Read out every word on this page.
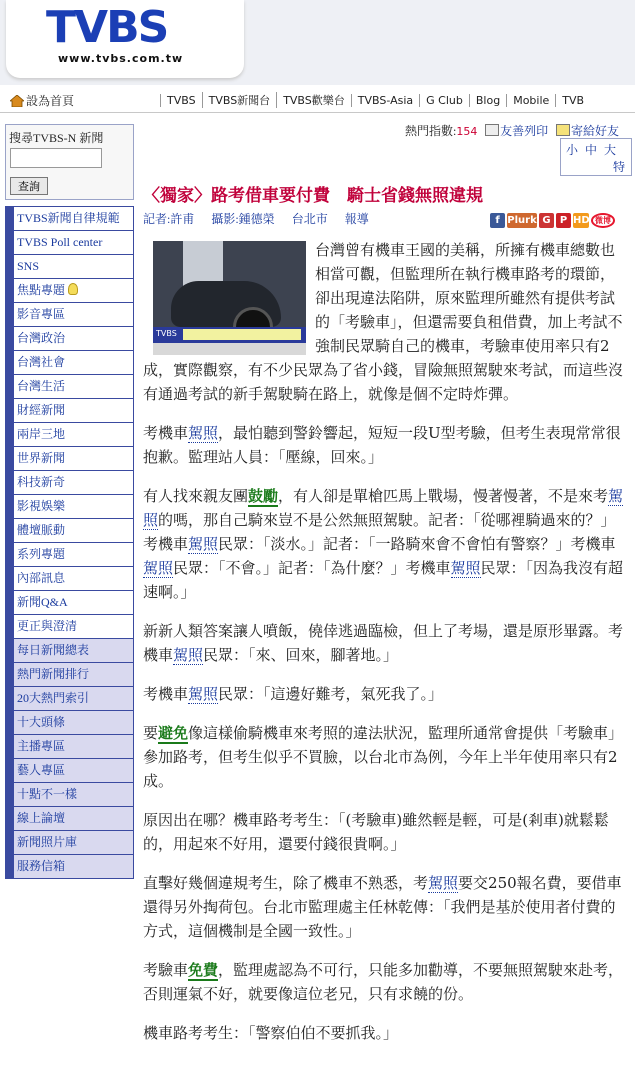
TVBS
www.tvbs.com.tw
設為首頁	TVBS TVBS新聞台 TVBS歡樂台 TVBS-Asia G Club Blog Mobile TVB
搜尋TVBS-N 新聞
查詢
TVBS新聞自律規範
TVBS Poll center
SNS
焦點專題
影音專區
台灣政治
台灣社會
台灣生活
財經新聞
兩岸三地
世界新聞
科技新奇
影視娛樂
體壇脈動
系列專題
內部訊息
新聞Q&A
更正與澄清
每日新聞總表
熱門新聞排行
20大熱門索引
十大頭條
主播專區
藝人專區
十點不一樣
線上論壇
新聞照片庫
服務信箱
熱門指數:154 友善列印 寄給好友
小 中 大
特
〈獨家〉路考借車要付費　騎士省錢無照違規
記者:許甫 攝影:鍾德榮 台北市 報導	f Plurk G P HD 微博
TVBS

台灣曾有機車王國的美稱，所擁有機車總數也相當可觀，但監理所在執行機車路考的環節，卻出現違法陷阱，原來監理所雖然有提供考試的「考驗車」，但還需要負租借費，加上考試不強制民眾騎自己的機車，考驗車使用率只有2成，實際觀察，有不少民眾為了省小錢，冒險無照駕駛來考試，而這些沒有通過考試的新手駕駛騎在路上，就像是個不定時炸彈。

考機車駕照，最怕聽到警鈴響起，短短一段U型考驗，但考生表現常常很抱歉。監理站人員：「壓線，回來。」

有人找來親友團鼓勵，有人卻是單槍匹馬上戰場，慢著慢著，不是來考駕照的嗎，那自己騎來豈不是公然無照駕駛。記者：「從哪裡騎過來的？」考機車駕照民眾：「淡水。」記者：「一路騎來會不會怕有警察？」考機車駕照民眾：「不會。」記者：「為什麼？」考機車駕照民眾：「因為我沒有超速啊。」

新新人類答案讓人噴飯，僥倖逃過臨檢，但上了考場，還是原形畢露。考機車駕照民眾：「來、回來，腳著地。」

考機車駕照民眾：「這邊好難考，氣死我了。」

要避免像這樣偷騎機車來考照的違法狀況，監理所通常會提供「考驗車」參加路考，但考生似乎不買臉，以台北市為例，今年上半年使用率只有2成。

原因出在哪？機車路考考生：「(考驗車)雖然輕是輕，可是(剎車)就鬆鬆的，用起來不好用，還要付錢很貴啊。」

直擊好幾個違規考生，除了機車不熟悉，考駕照要交250報名費，要借車還得另外掏荷包。台北市監理處主任林乾傳：「我們是基於使用者付費的方式，這個機制是全國一致性。」

考驗車免費，監理處認為不可行，只能多加勸導，不要無照駕駛來赴考，否則運氣不好，就要像這位老兄，只有求饒的份。

機車路考考生：「警察伯伯不要抓我。」
